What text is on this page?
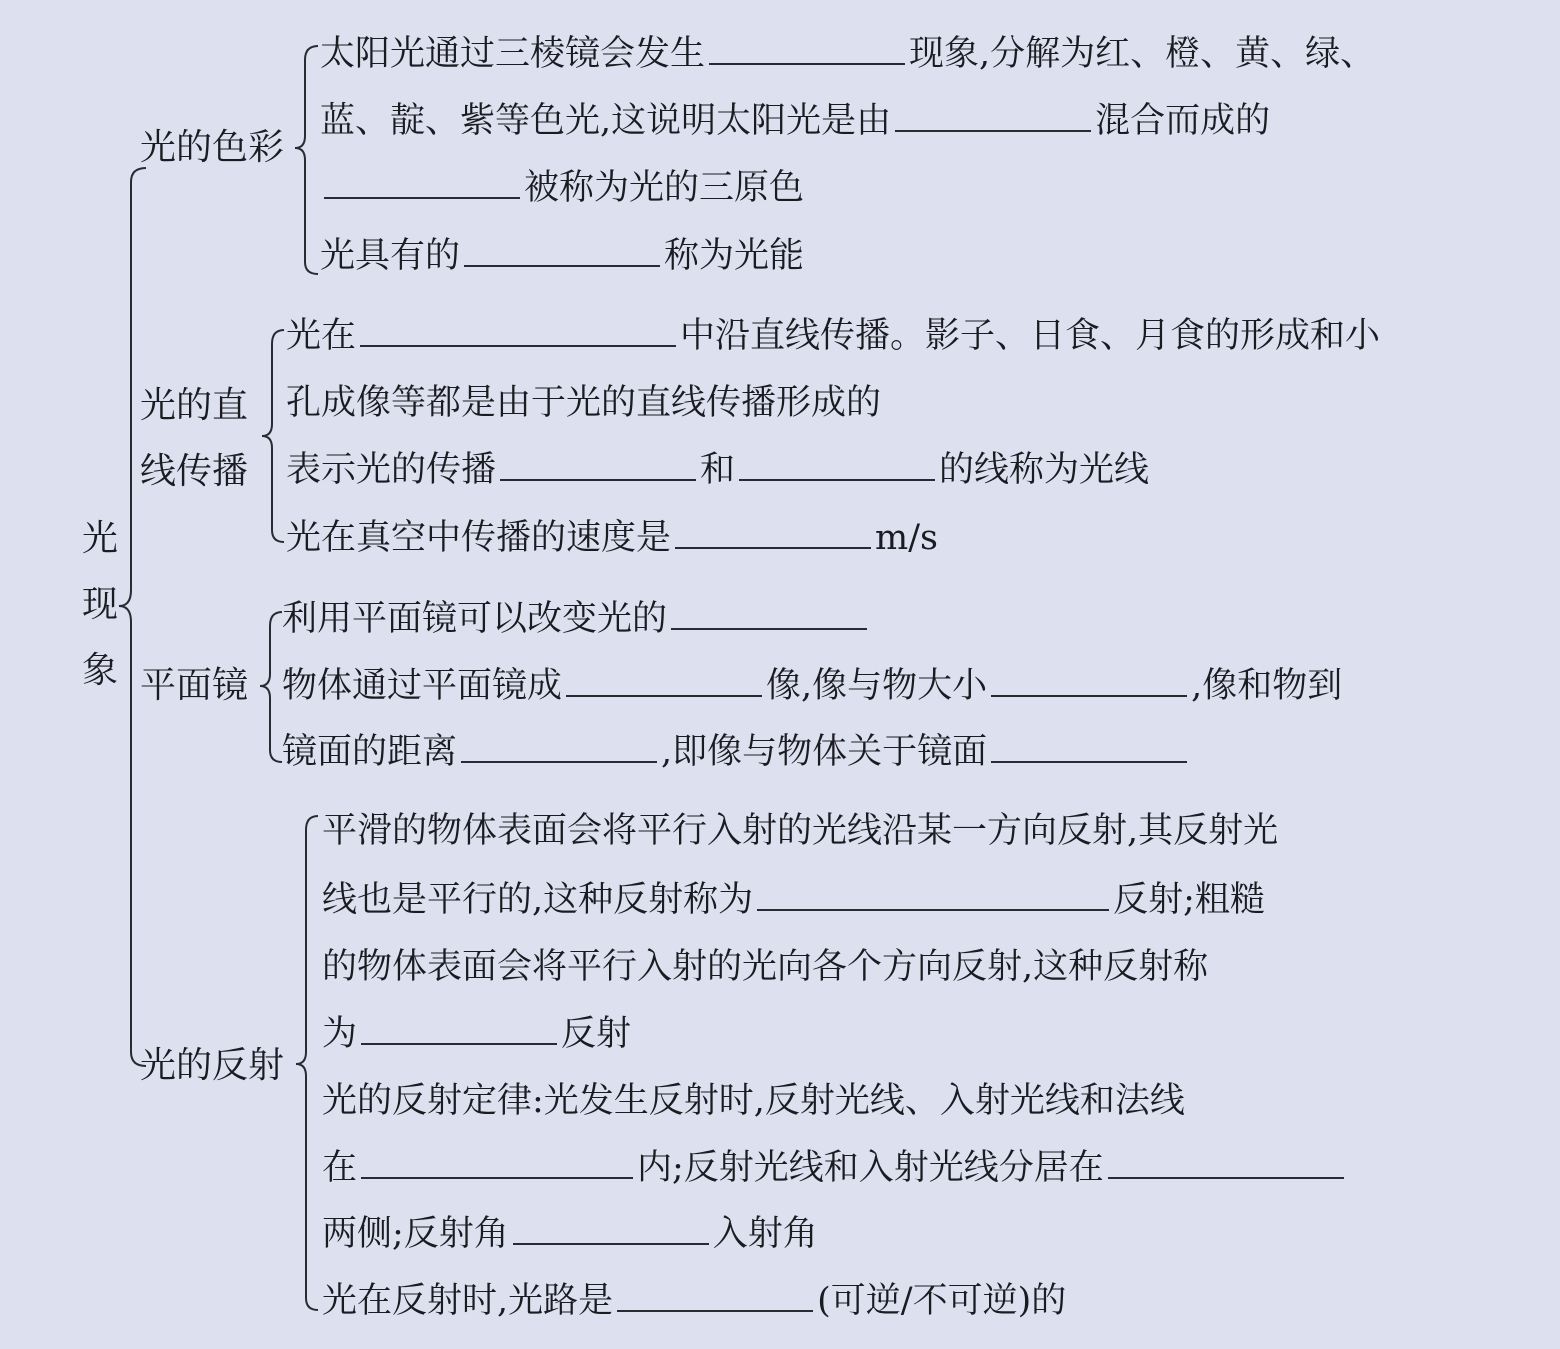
光
现
象
光的色彩
光的直
线传播
平面镜
光的反射
太阳光通过三棱镜会发生	现象,分解为红、橙、黄、绿、
蓝、靛、紫等色光,这说明太阳光是由	混合而成的
被称为光的三原色
光具有的	称为光能
光在	中沿直线传播。影子、日食、月食的形成和小
孔成像等都是由于光的直线传播形成的
表示光的传播	和	的线称为光线
光在真空中传播的速度是	m/s
利用平面镜可以改变光的
物体通过平面镜成	像,像与物大小	,像和物到
镜面的距离	,即像与物体关于镜面
平滑的物体表面会将平行入射的光线沿某一方向反射,其反射光
线也是平行的,这种反射称为	反射;粗糙
的物体表面会将平行入射的光向各个方向反射,这种反射称
为	反射
光的反射定律:光发生反射时,反射光线、入射光线和法线
在	内;反射光线和入射光线分居在
两侧;反射角	入射角
光在反射时,光路是	(可逆/不可逆)的
